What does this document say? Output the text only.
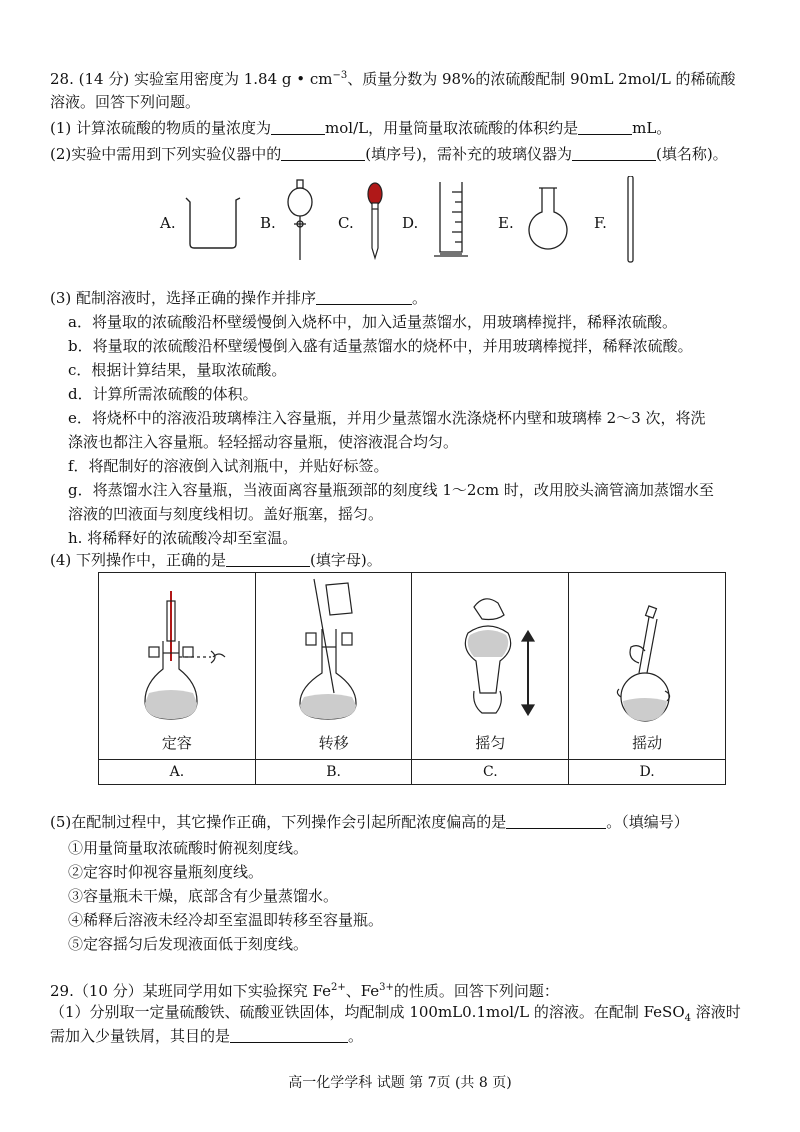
28. (14 分) 实验室用密度为 1.84 g • $cm^{-3}$、质量分数为 98%的浓硫酸配制 90mL 2mol/L 的稀硫酸
溶液。回答下列问题。
(1) 计算浓硫酸的物质的量浓度为	mol/L，用量筒量取浓硫酸的体积约是	mL。
(2)实验中需用到下列实验仪器中的	(填序号)，需补充的玻璃仪器为	(填名称)。
A.	B.	C.	D.	E.	F.
(3) 配制溶液时，选择正确的操作并排序	。
a．将量取的浓硫酸沿杯壁缓慢倒入烧杯中，加入适量蒸馏水，用玻璃棒搅拌，稀释浓硫酸。
b．将量取的浓硫酸沿杯壁缓慢倒入盛有适量蒸馏水的烧杯中，并用玻璃棒搅拌，稀释浓硫酸。
c．根据计算结果，量取浓硫酸。
d．计算所需浓硫酸的体积。
e．将烧杯中的溶液沿玻璃棒注入容量瓶，并用少量蒸馏水洗涤烧杯内壁和玻璃棒 2～3 次，将洗
涤液也都注入容量瓶。轻轻摇动容量瓶，使溶液混合均匀。
f．将配制好的溶液倒入试剂瓶中，并贴好标签。
g．将蒸馏水注入容量瓶，当液面离容量瓶颈部的刻度线 1～2cm 时，改用胶头滴管滴加蒸馏水至
溶液的凹液面与刻度线相切。盖好瓶塞，摇匀。
h. 将稀释好的浓硫酸冷却至室温。
(4) 下列操作中，正确的是	(填字母)。
定容	转移	摇匀	摇动

A.	B.	C.	D.
(5)在配制过程中，其它操作正确，下列操作会引起所配浓度偏高的是	。（填编号）
①用量筒量取浓硫酸时俯视刻度线。
②定容时仰视容量瓶刻度线。
③容量瓶未干燥，底部含有少量蒸馏水。
④稀释后溶液未经冷却至室温即转移至容量瓶。
⑤定容摇匀后发现液面低于刻度线。
29.（10 分）某班同学用如下实验探究 $Fe^{2+}$、$Fe^{3+}$的性质。回答下列问题：
（1）分别取一定量硫酸铁、硫酸亚铁固体，均配制成 100mL0.1mol/L 的溶液。在配制 FeSO$_4$ 溶液时
需加入少量铁屑，其目的是	。
高一化学学科 试题 第 7页 (共 8 页)
